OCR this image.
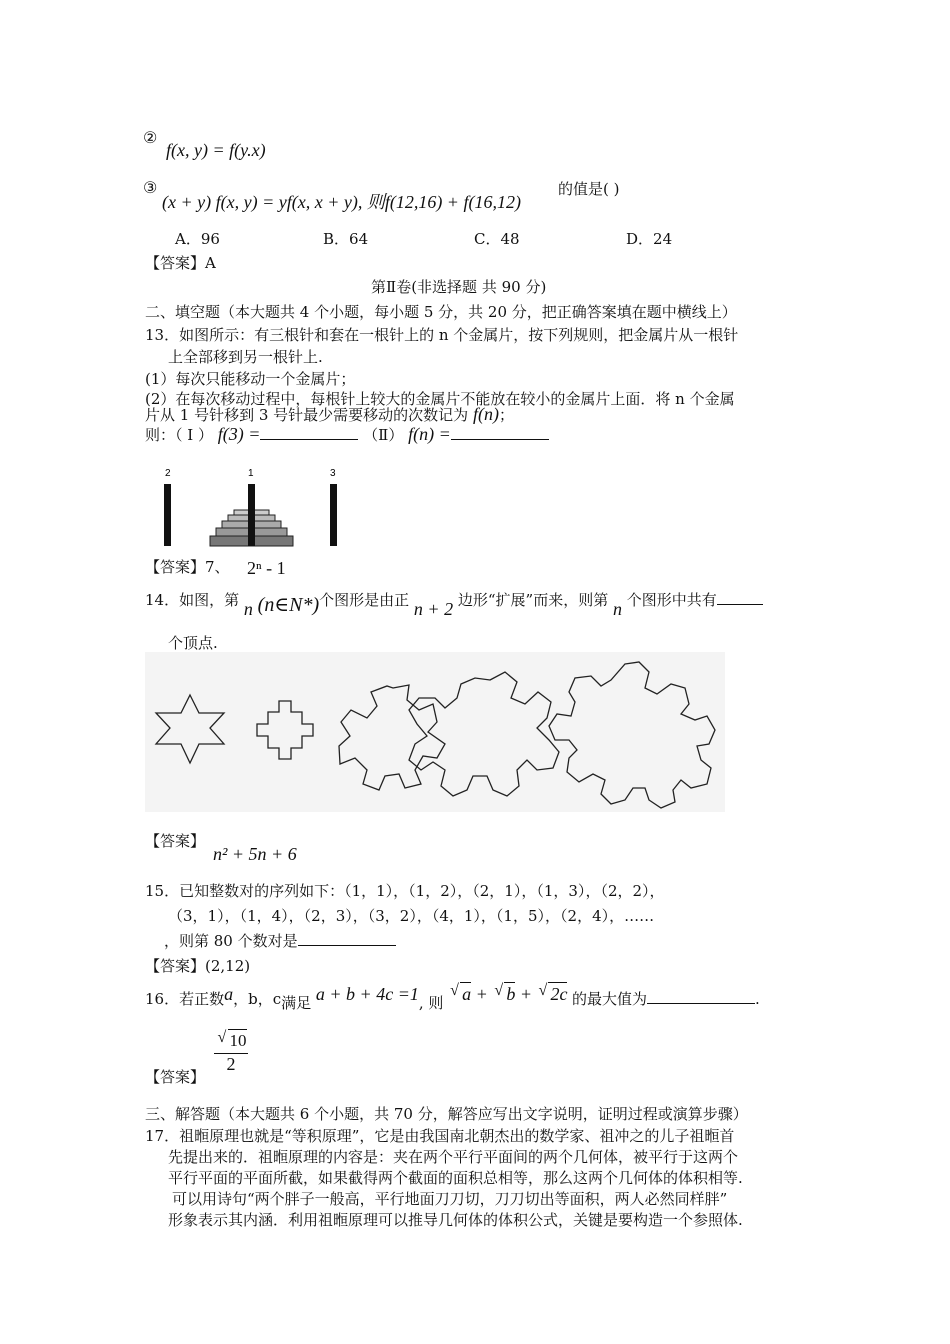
②
f(x, y) = f(y.x)
③
(x + y) f(x, y) = yf(x, x + y), 则f(12,16) + f(16,12)
的值是( )
A．96	B．64	C．48	D．24
【答案】A
第Ⅱ卷(非选择题 共 90 分)
二、填空题（本大题共 4 个小题，每小题 5 分，共 20 分，把正确答案填在题中横线上）
13．如图所示：有三根针和套在一根针上的 n 个金属片，按下列规则，把金属片从一根针
上全部移到另一根针上.
(1）每次只能移动一个金属片；
(2）在每次移动过程中，每根针上较大的金属片不能放在较小的金属片上面．将 n 个金属
片从 1 号针移到 3 号针最少需要移动的次数记为 f(n)；
则：（ Ⅰ ） f(3) =	（Ⅱ） f(n) =
2	1	3
【答案】7、 2ⁿ - 1
14．如图，第 n (n∈N*)个图形是由正 n + 2 边形“扩展”而来，则第 n 个图形中共有
个顶点.
【答案】
n² + 5n + 6
15．已知整数对的序列如下：（1，1），（1，2），（2，1），（1，3），（2，2），
（3，1），（1，4），（2，3），（3，2），（4，1），（1，5），（2，4），……
，则第 80 个数对是
【答案】(2,12)
16．若正数a，b，c满足 a + b + 4c =1, 则
√ a + √ b + √ 2c 的最大值为	.
√ 10
2
【答案】
三、解答题（本大题共 6 个小题，共 70 分，解答应写出文字说明，证明过程或演算步骤）
17．祖暅原理也就是“等积原理”，它是由我国南北朝杰出的数学家、祖冲之的儿子祖暅首
先提出来的．祖暅原理的内容是：夹在两个平行平面间的两个几何体，被平行于这两个
平行平面的平面所截，如果截得两个截面的面积总相等，那么这两个几何体的体积相等.
可以用诗句“两个胖子一般高，平行地面刀刀切，刀刀切出等面积，两人必然同样胖”
形象表示其内涵．利用祖暅原理可以推导几何体的体积公式，关键是要构造一个参照体.
